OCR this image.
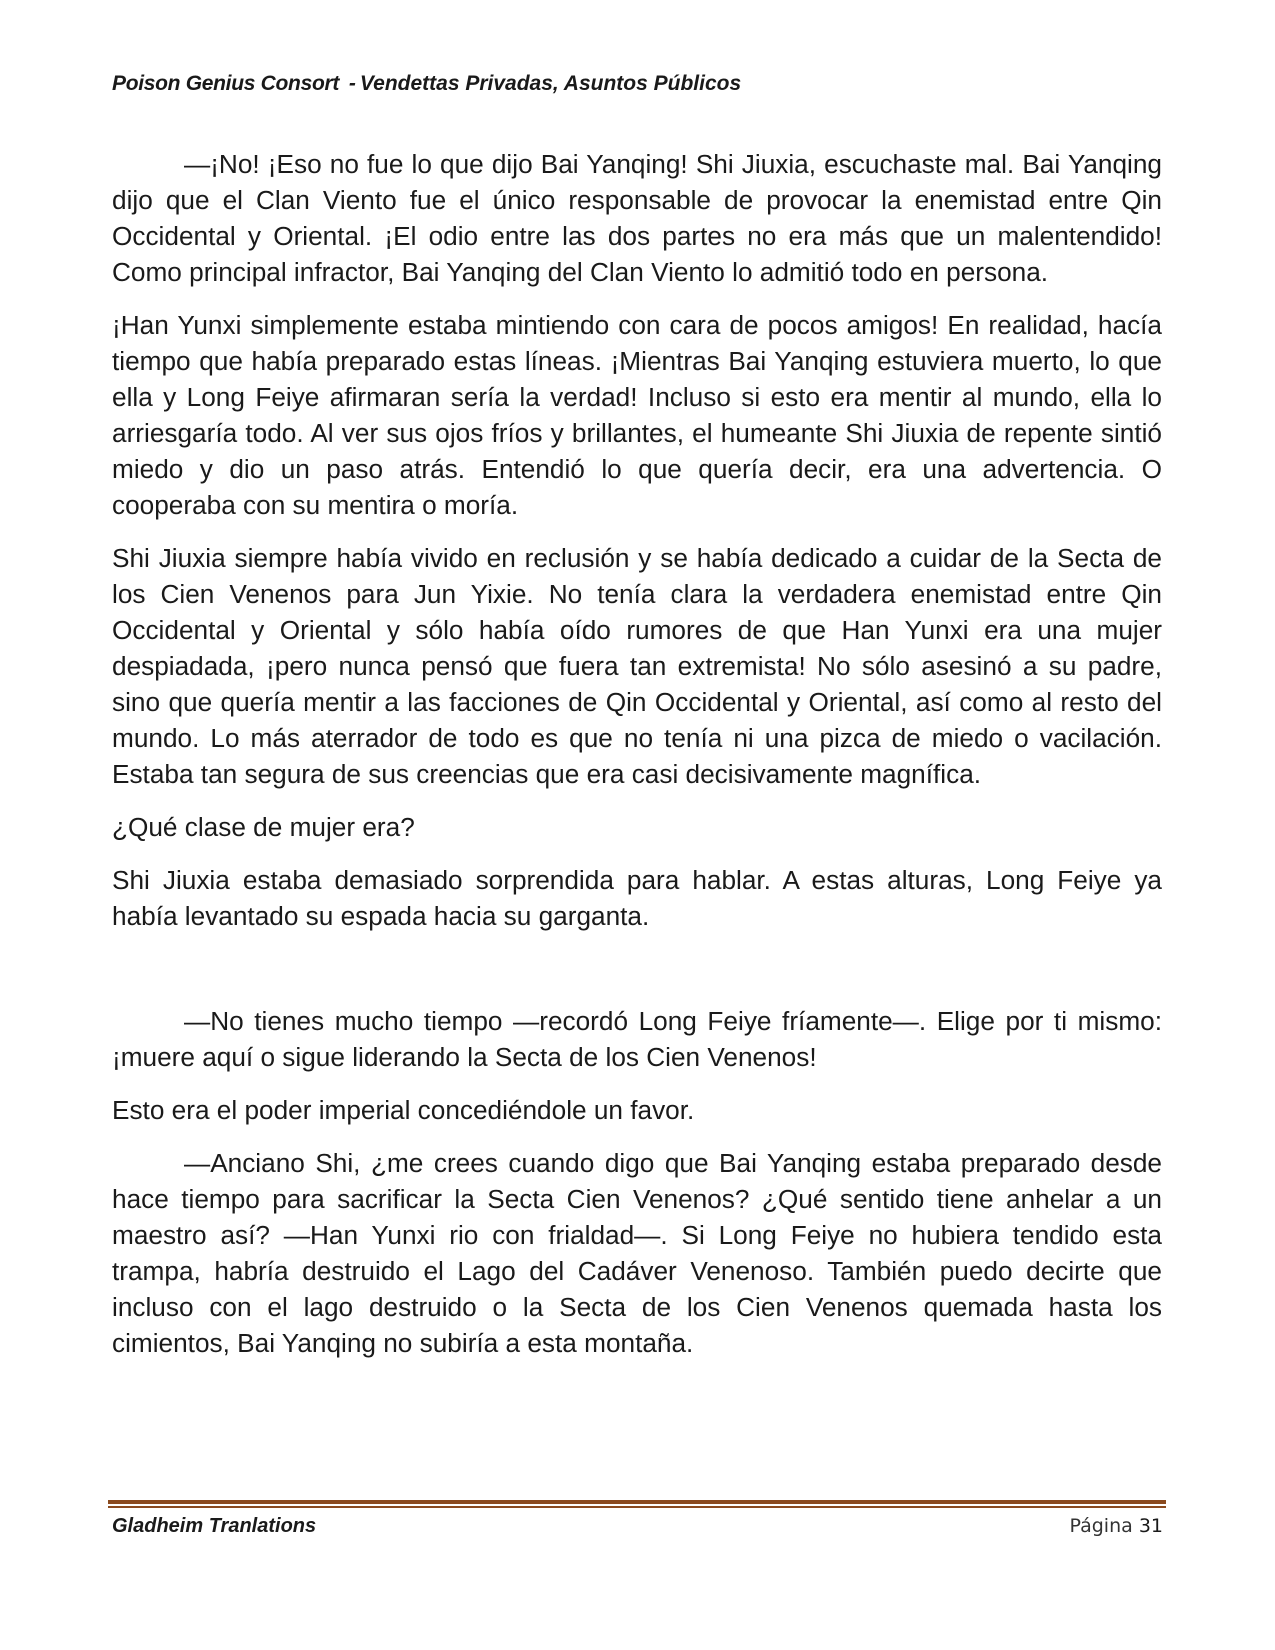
Poison Genius Consort - Vendettas Privadas, Asuntos Públicos

—¡No! ¡Eso no fue lo que dijo Bai Yanqing! Shi Jiuxia, escuchaste mal. Bai Yanqing dijo que el Clan Viento fue el único responsable de provocar la enemistad entre Qin Occidental y Oriental. ¡El odio entre las dos partes no era más que un malentendido! Como principal infractor, Bai Yanqing del Clan Viento lo admitió todo en persona.

¡Han Yunxi simplemente estaba mintiendo con cara de pocos amigos! En realidad, hacía tiempo que había preparado estas líneas. ¡Mientras Bai Yanqing estuviera muerto, lo que ella y Long Feiye afirmaran sería la verdad! Incluso si esto era mentir al mundo, ella lo arriesgaría todo. Al ver sus ojos fríos y brillantes, el humeante Shi Jiuxia de repente sintió miedo y dio un paso atrás. Entendió lo que quería decir, era una advertencia. O cooperaba con su mentira o moría.

Shi Jiuxia siempre había vivido en reclusión y se había dedicado a cuidar de la Secta de los Cien Venenos para Jun Yixie. No tenía clara la verdadera enemistad entre Qin Occidental y Oriental y sólo había oído rumores de que Han Yunxi era una mujer despiadada, ¡pero nunca pensó que fuera tan extremista! No sólo asesinó a su padre, sino que quería mentir a las facciones de Qin Occidental y Oriental, así como al resto del mundo. Lo más aterrador de todo es que no tenía ni una pizca de miedo o vacilación. Estaba tan segura de sus creencias que era casi decisivamente magnífica.

¿Qué clase de mujer era?

Shi Jiuxia estaba demasiado sorprendida para hablar. A estas alturas, Long Feiye ya había levantado su espada hacia su garganta.

—No tienes mucho tiempo —recordó Long Feiye fríamente—. Elige por ti mismo: ¡muere aquí o sigue liderando la Secta de los Cien Venenos!

Esto era el poder imperial concediéndole un favor.

—Anciano Shi, ¿me crees cuando digo que Bai Yanqing estaba preparado desde hace tiempo para sacrificar la Secta Cien Venenos? ¿Qué sentido tiene anhelar a un maestro así? —Han Yunxi rio con frialdad—. Si Long Feiye no hubiera tendido esta trampa, habría destruido el Lago del Cadáver Venenoso. También puedo decirte que incluso con el lago destruido o la Secta de los Cien Venenos quemada hasta los cimientos, Bai Yanqing no subiría a esta montaña.

Gladheim Tranlations	Página 31
